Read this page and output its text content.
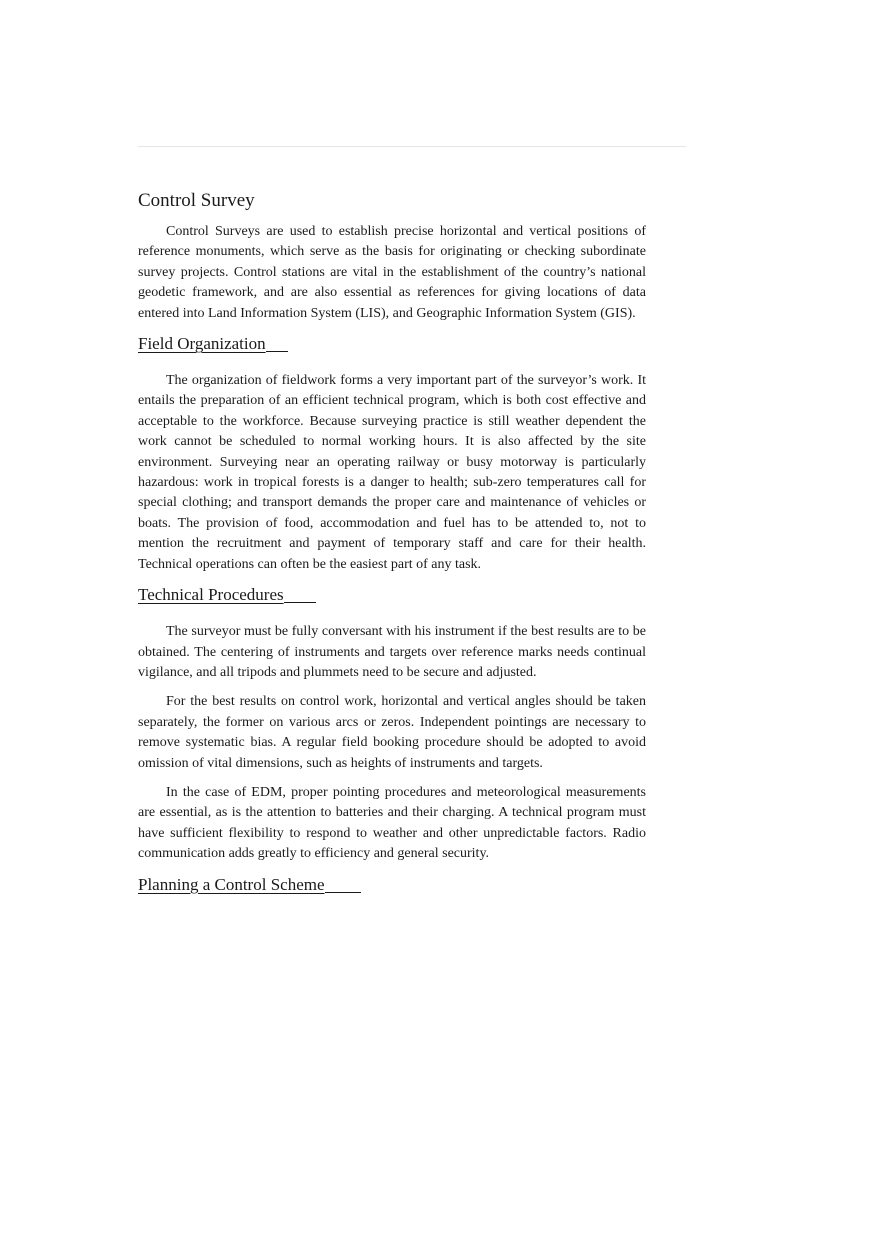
Control Survey

Control Surveys are used to establish precise horizontal and vertical positions of reference monuments, which serve as the basis for originating or checking subordinate survey projects. Control stations are vital in the establishment of the country’s national geodetic framework, and are also essential as references for giving locations of data entered into Land Information System (LIS), and Geographic Information System (GIS).

Field Organization

The organization of fieldwork forms a very important part of the surveyor’s work. It entails the preparation of an efficient technical program, which is both cost effective and acceptable to the workforce. Because surveying practice is still weather dependent the work cannot be scheduled to normal working hours. It is also affected by the site environment. Surveying near an operating railway or busy motorway is particularly hazardous: work in tropical forests is a danger to health; sub-zero temperatures call for special clothing; and transport demands the proper care and maintenance of vehicles or boats. The provision of food, accommodation and fuel has to be attended to, not to mention the recruitment and payment of temporary staff and care for their health. Technical operations can often be the easiest part of any task.

Technical Procedures

The surveyor must be fully conversant with his instrument if the best results are to be obtained. The centering of instruments and targets over reference marks needs continual vigilance, and all tripods and plummets need to be secure and adjusted.

For the best results on control work, horizontal and vertical angles should be taken separately, the former on various arcs or zeros. Independent pointings are necessary to remove systematic bias. A regular field booking procedure should be adopted to avoid omission of vital dimensions, such as heights of instruments and targets.

In the case of EDM, proper pointing procedures and meteorological measurements are essential, as is the attention to batteries and their charging. A technical program must have sufficient flexibility to respond to weather and other unpredictable factors. Radio communication adds greatly to efficiency and general security.

Planning a Control Scheme
